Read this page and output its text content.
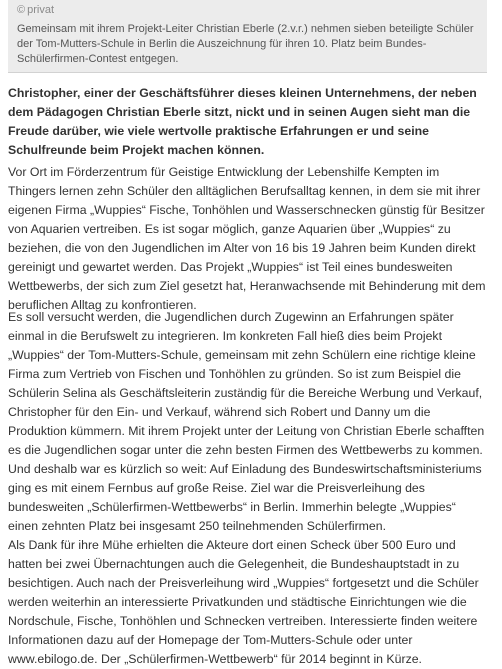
© privat
Gemeinsam mit ihrem Projekt-Leiter Christian Eberle (2.v.r.) nehmen sieben beteiligte Schüler der Tom-Mutters-Schule in Berlin die Auszeichnung für ihren 10. Platz beim Bundes-Schülerfirmen-Contest entgegen.
Christopher, einer der Geschäftsführer dieses kleinen Unternehmens, der neben dem Pädagogen Christian Eberle sitzt, nickt und in seinen Augen sieht man die Freude darüber, wie viele wertvolle praktische Erfahrungen er und seine Schulfreunde beim Projekt machen können.
Vor Ort im Förderzentrum für Geistige Entwicklung der Lebenshilfe Kempten im Thingers lernen zehn Schüler den alltäglichen Berufsalltag kennen, in dem sie mit ihrer eigenen Firma „Wuppies“ Fische, Tonhöhlen und Wasserschnecken günstig für Besitzer von Aquarien vertreiben. Es ist sogar möglich, ganze Aquarien über „Wuppies“ zu beziehen, die von den Jugendlichen im Alter von 16 bis 19 Jahren beim Kunden direkt gereinigt und gewartet werden. Das Projekt „Wuppies“ ist Teil eines bundesweiten Wettbewerbs, der sich zum Ziel gesetzt hat, Heranwachsende mit Behinderung mit dem beruflichen Alltag zu konfrontieren.
Es soll versucht werden, die Jugendlichen durch Zugewinn an Erfahrungen später einmal in die Berufswelt zu integrieren. Im konkreten Fall hieß dies beim Projekt „Wuppies“ der Tom-Mutters-Schule, gemeinsam mit zehn Schülern eine richtige kleine Firma zum Vertrieb von Fischen und Tonhöhlen zu gründen. So ist zum Beispiel die Schülerin Selina als Geschäftsleiterin zuständig für die Bereiche Werbung und Verkauf, Christopher für den Ein- und Verkauf, während sich Robert und Danny um die Produktion kümmern. Mit ihrem Projekt unter der Leitung von Christian Eberle schafften es die Jugendlichen sogar unter die zehn besten Firmen des Wettbewerbs zu kommen. Und deshalb war es kürzlich so weit: Auf Einladung des Bundeswirtschaftsministeriums ging es mit einem Fernbus auf große Reise. Ziel war die Preisverleihung des bundesweiten „Schülerfirmen-Wettbewerbs“ in Berlin. Immerhin belegte „Wuppies“ einen zehnten Platz bei insgesamt 250 teilnehmenden Schülerfirmen.
Als Dank für ihre Mühe erhielten die Akteure dort einen Scheck über 500 Euro und hatten bei zwei Übernachtungen auch die Gelegenheit, die Bundeshauptstadt in zu besichtigen. Auch nach der Preisverleihung wird „Wuppies“ fortgesetzt und die Schüler werden weiterhin an interessierte Privatkunden und städtische Einrichtungen wie die Nordschule, Fische, Tonhöhlen und Schnecken vertreiben. Interessierte finden weitere Informationen dazu auf der Homepage der Tom-Mutters-Schule oder unter www.ebilogo.de. Der „Schülerfirmen-Wettbewerb“ für 2014 beginnt in Kürze.
